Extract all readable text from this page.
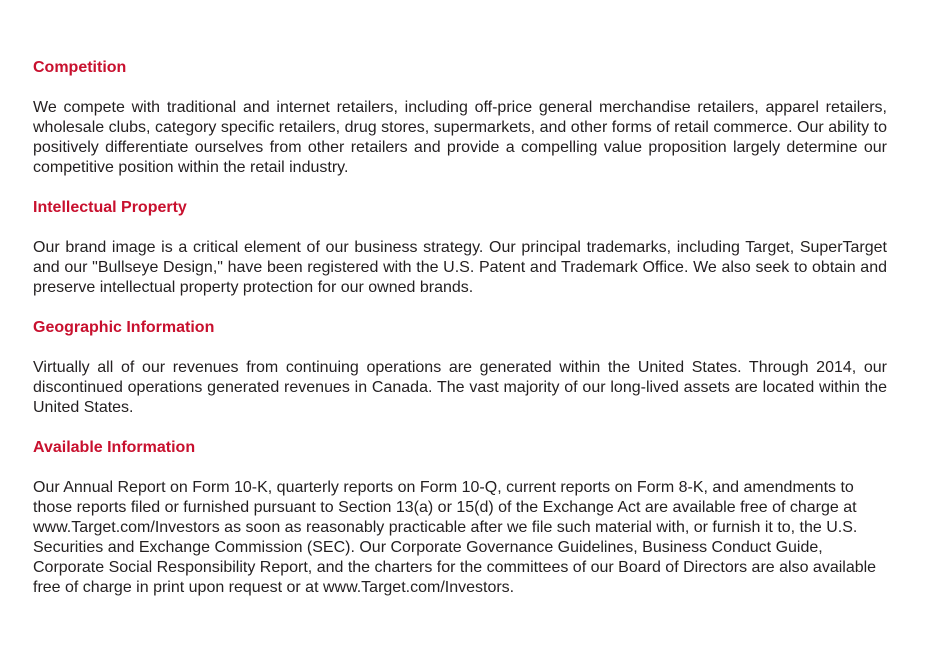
Competition

We compete with traditional and internet retailers, including off-price general merchandise retailers, apparel retailers, wholesale clubs, category specific retailers, drug stores, supermarkets, and other forms of retail commerce. Our ability to positively differentiate ourselves from other retailers and provide a compelling value proposition largely determine our competitive position within the retail industry.

Intellectual Property

Our brand image is a critical element of our business strategy. Our principal trademarks, including Target, SuperTarget and our "Bullseye Design," have been registered with the U.S. Patent and Trademark Office. We also seek to obtain and preserve intellectual property protection for our owned brands.

Geographic Information

Virtually all of our revenues from continuing operations are generated within the United States. Through 2014, our discontinued operations generated revenues in Canada. The vast majority of our long-lived assets are located within the United States.

Available Information

Our Annual Report on Form 10-K, quarterly reports on Form 10-Q, current reports on Form 8-K, and amendments to those reports filed or furnished pursuant to Section 13(a) or 15(d) of the Exchange Act are available free of charge at www.Target.com/Investors as soon as reasonably practicable after we file such material with, or furnish it to, the U.S. Securities and Exchange Commission (SEC). Our Corporate Governance Guidelines, Business Conduct Guide, Corporate Social Responsibility Report, and the charters for the committees of our Board of Directors are also available free of charge in print upon request or at www.Target.com/Investors.
